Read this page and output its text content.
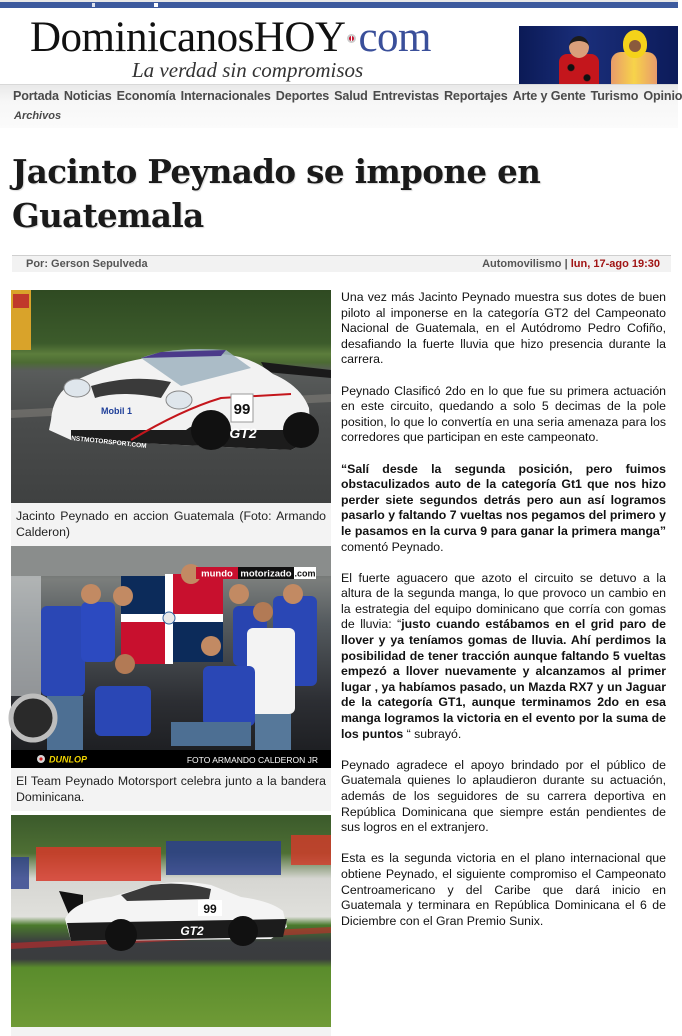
DominicanosHOY com
La verdad sin compromisos
Portada Noticias Economía Internacionales Deportes Salud Entrevistas Reportajes Arte y Gente Turismo Opinio
Archivos
Jacinto Peynado se impone en Guatemala
Por: Gerson Sepulveda	Automovilismo | lun, 17-ago 19:30
99
Mobil 1
GT2
NSTMOTORSPORT.COM
Jacinto Peynado en accion Guatemala (Foto: Armando Calderon)
DUNLOP	FOTO ARMANDO CALDERON JR
mundo motorizado .com
El Team Peynado Motorsport celebra junto a la bandera Dominicana.
99
GT2

Una vez más Jacinto Peynado muestra sus dotes de buen piloto al imponerse en la categoría GT2 del Campeonato Nacional de Guatemala, en el Autódromo Pedro Cofiño, desafiando la fuerte lluvia que hizo presencia durante la carrera.

Peynado Clasificó 2do en lo que fue su primera actuación en este circuito, quedando a solo 5 decimas de la pole position, lo que lo convertía en una seria amenaza para los corredores que participan en este campeonato.

“Salí desde la segunda posición, pero fuimos obstaculizados auto de la categoría Gt1 que nos hizo perder siete segundos detrás pero aun así logramos pasarlo y faltando 7 vueltas nos pegamos del primero y le pasamos en la curva 9 para ganar la primera manga” comentó Peynado.

El fuerte aguacero que azoto el circuito se detuvo a la altura de la segunda manga, lo que provoco un cambio en la estrategia del equipo dominicano que corría con gomas de lluvia: “justo cuando estábamos en el grid paro de llover y ya teníamos gomas de lluvia. Ahí perdimos la posibilidad de tener tracción aunque faltando 5 vueltas empezó a llover nuevamente y alcanzamos al primer lugar , ya habíamos pasado, un Mazda RX7 y un Jaguar de la categoría GT1, aunque terminamos 2do en esa manga logramos la victoria en el evento por la suma de los puntos “ subrayó.

Peynado agradece el apoyo brindado por el público de Guatemala quienes lo aplaudieron durante su actuación, además de los seguidores de su carrera deportiva en República Dominicana que siempre están pendientes de sus logros en el extranjero.

Esta es la segunda victoria en el plano internacional que obtiene Peynado, el siguiente compromiso el Campeonato Centroamericano y del Caribe que dará inicio en Guatemala y terminara en República Dominicana el 6 de Diciembre con el Gran Premio Sunix.
